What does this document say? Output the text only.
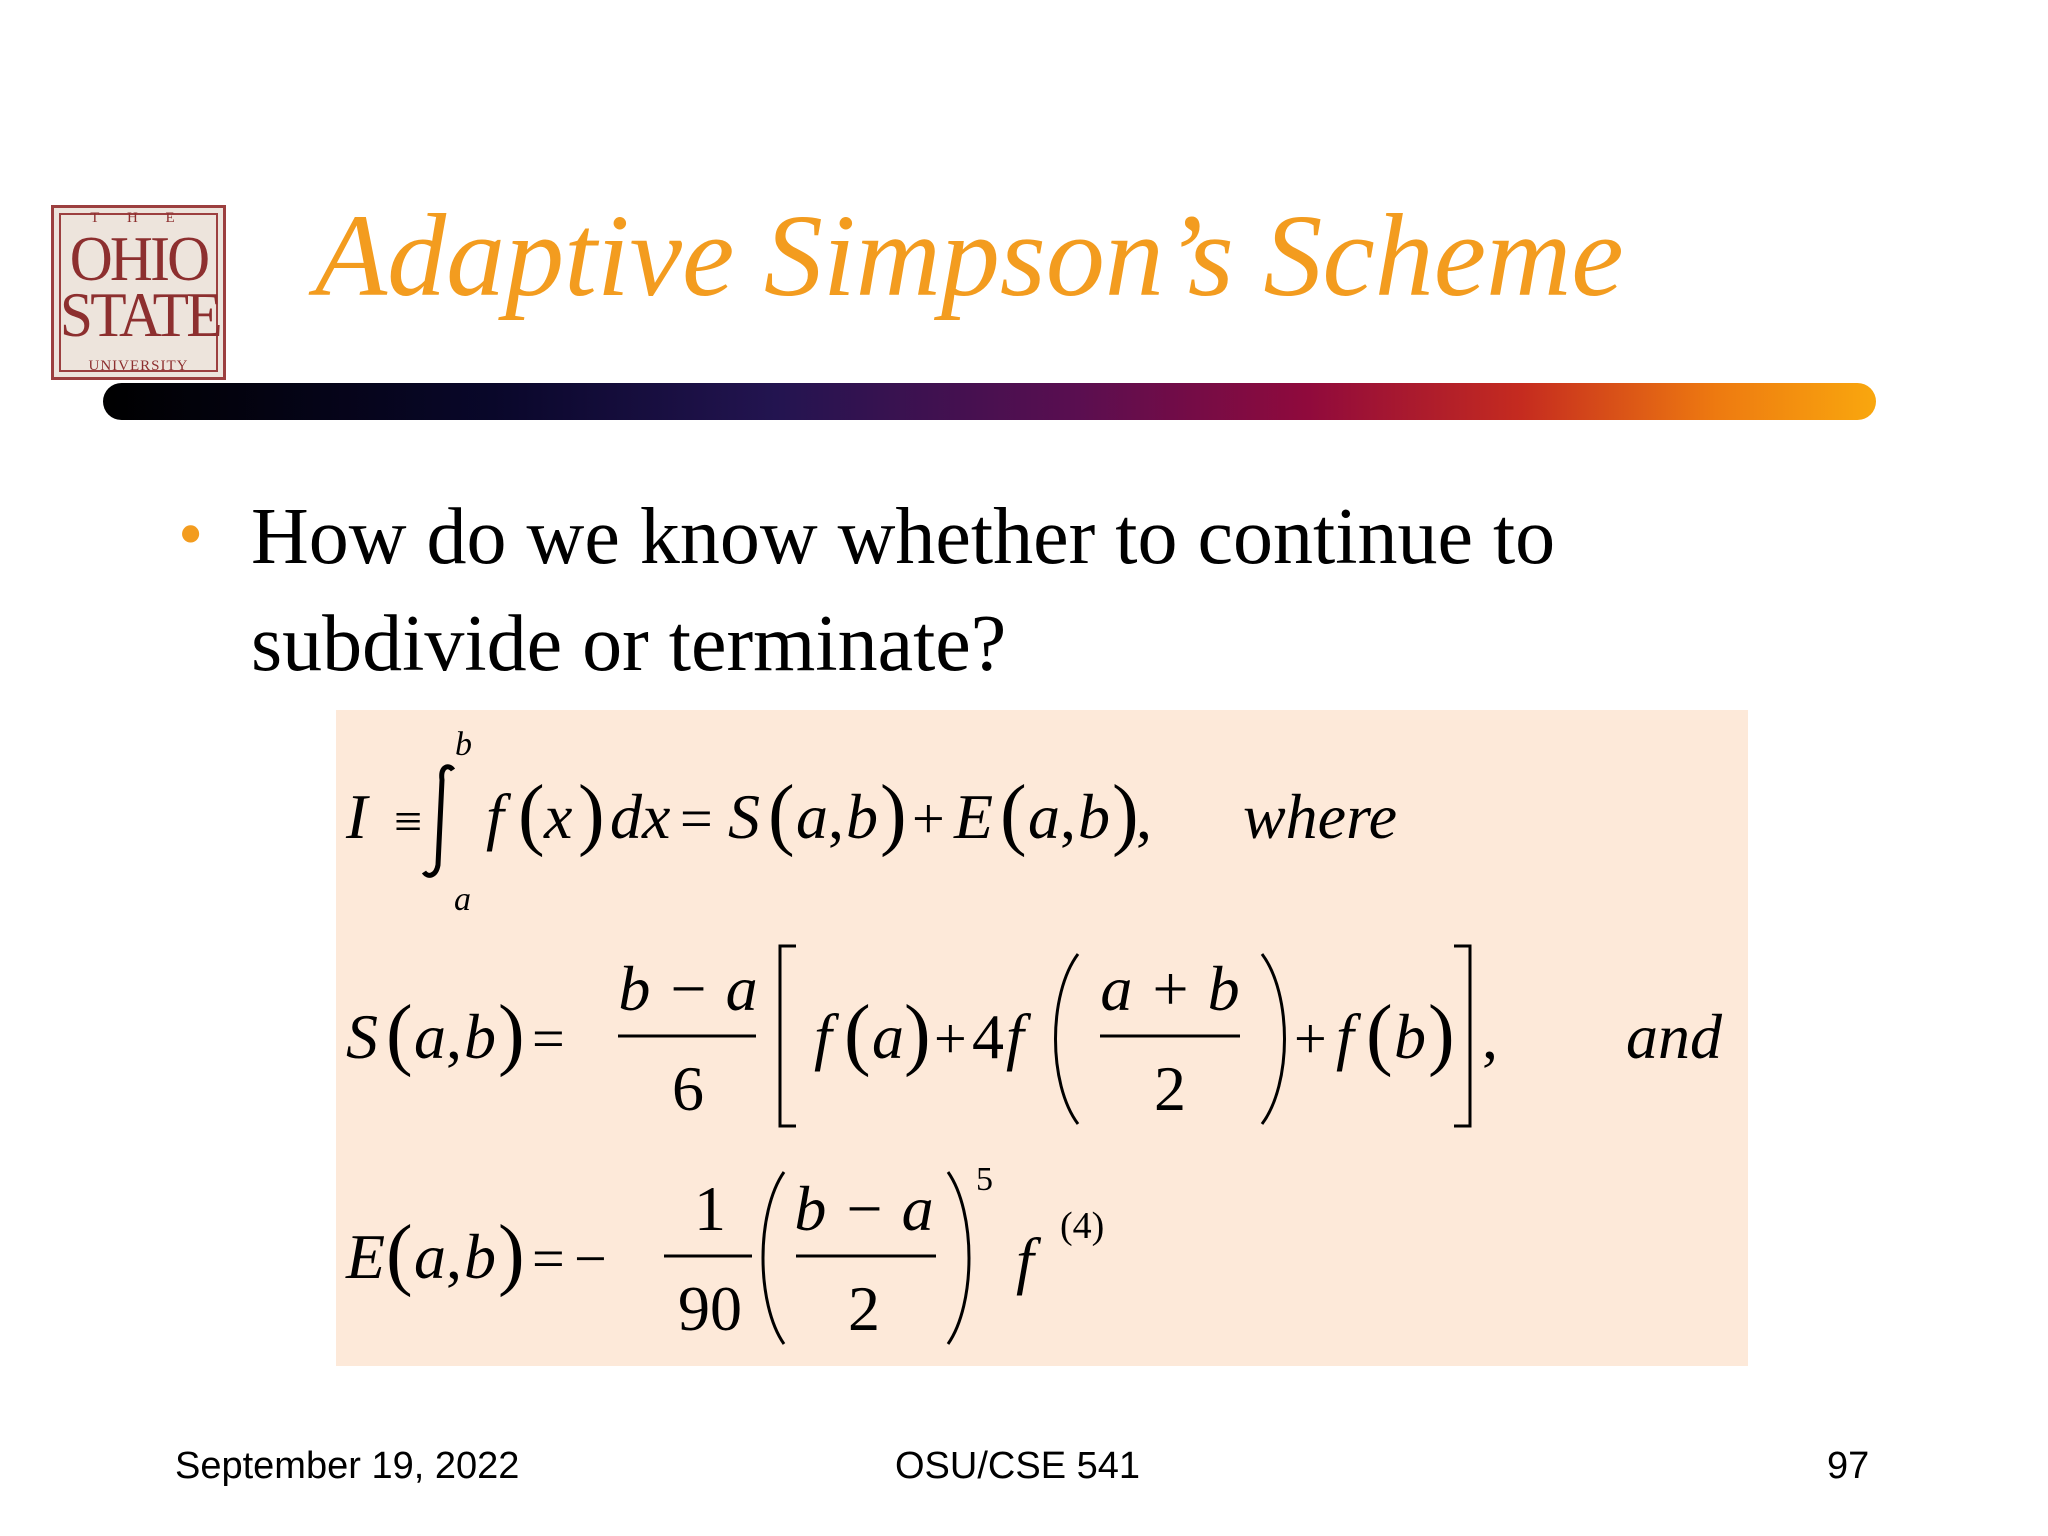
T H E
OHIO
STATE
UNIVERSITY
Adaptive Simpson’s Scheme
• How do we know whether to continue to subdivide or terminate?
I ≡
b
a
f ( x ) dx = S ( a , b ) + E ( a , b )
, where
S ( a , b ) =
b − a
6
f ( a ) + 4 f
a + b
2
+ f ( b ) , and
E ( a , b ) = −
1
90
b − a
2
5
f (4)
September 19, 2022	OSU/CSE 541	97
